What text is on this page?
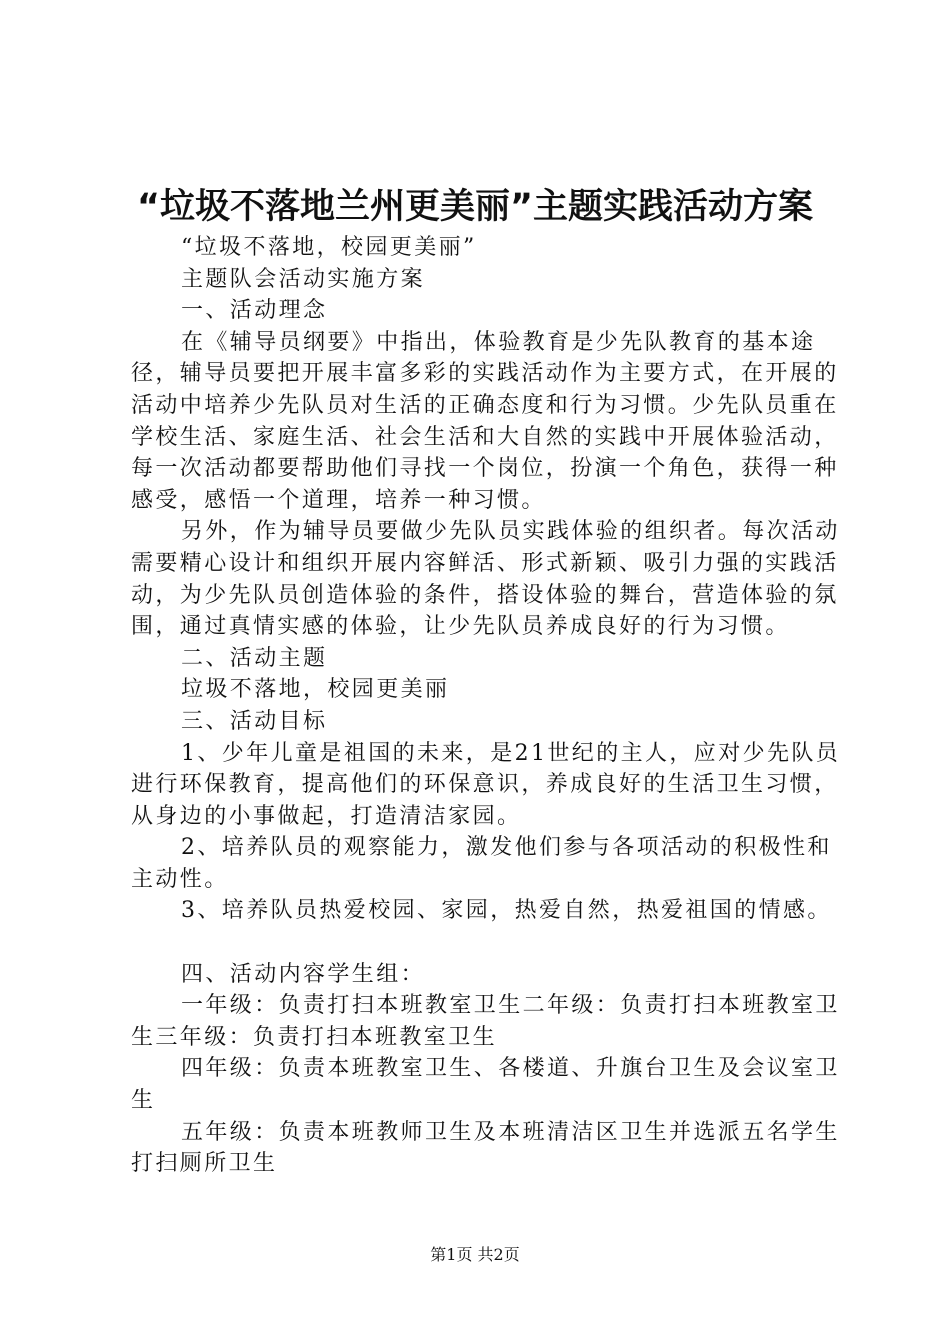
“垃圾不落地兰州更美丽”主题实践活动方案

“垃圾不落地，校园更美丽”

主题队会活动实施方案

一、活动理念

在《辅导员纲要》中指出，体验教育是少先队教育的基本途径，辅导员要把开展丰富多彩的实践活动作为主要方式，在开展的活动中培养少先队员对生活的正确态度和行为习惯。少先队员重在学校生活、家庭生活、社会生活和大自然的实践中开展体验活动，每一次活动都要帮助他们寻找一个岗位，扮演一个角色，获得一种感受，感悟一个道理，培养一种习惯。

另外，作为辅导员要做少先队员实践体验的组织者。每次活动需要精心设计和组织开展内容鲜活、形式新颖、吸引力强的实践活动，为少先队员创造体验的条件，搭设体验的舞台，营造体验的氛围，通过真情实感的体验，让少先队员养成良好的行为习惯。

二、活动主题

垃圾不落地，校园更美丽

三、活动目标

1、少年儿童是祖国的未来，是21世纪的主人，应对少先队员进行环保教育，提高他们的环保意识，养成良好的生活卫生习惯，从身边的小事做起，打造清洁家园。

2、培养队员的观察能力，激发他们参与各项活动的积极性和主动性。

3、培养队员热爱校园、家园，热爱自然，热爱祖国的情感。

四、活动内容学生组：

一年级：负责打扫本班教室卫生二年级：负责打扫本班教室卫生三年级：负责打扫本班教室卫生

四年级：负责本班教室卫生、各楼道、升旗台卫生及会议室卫生

五年级：负责本班教师卫生及本班清洁区卫生并选派五名学生打扫厕所卫生

第1页 共2页
